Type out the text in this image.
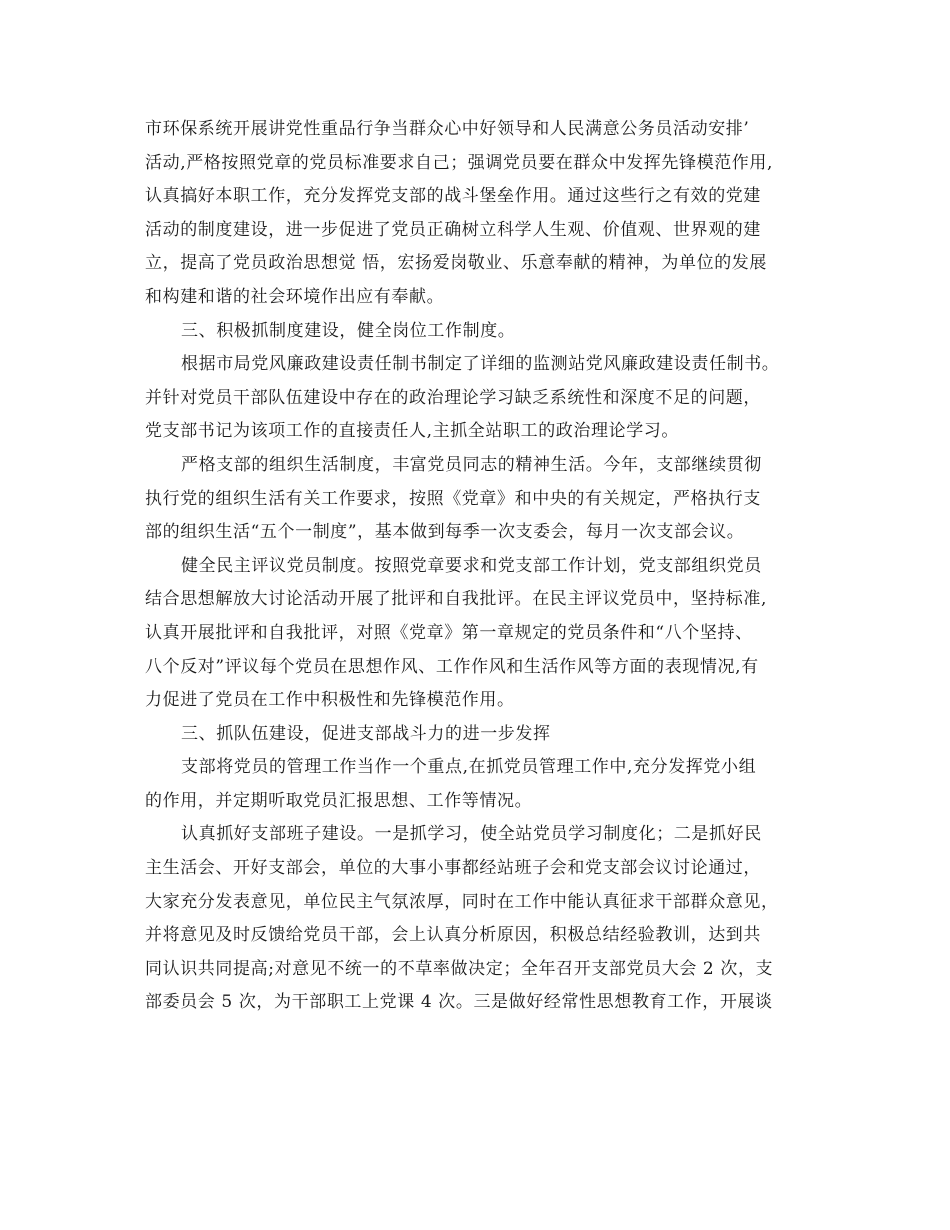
市环保系统开展讲党性重品行争当群众心中好领导和人民满意公务员活动安排’
活动,严格按照党章的党员标准要求自己；强调党员要在群众中发挥先锋模范作用,
认真搞好本职工作，充分发挥党支部的战斗堡垒作用。通过这些行之有效的党建
活动的制度建设，进一步促进了党员正确树立科学人生观、价值观、世界观的建
立，提高了党员政治思想觉 悟，宏扬爱岗敬业、乐意奉献的精神，为单位的发展
和构建和谐的社会环境作出应有奉献。
三、积极抓制度建设，健全岗位工作制度。
根据市局党风廉政建设责任制书制定了详细的监测站党风廉政建设责任制书。
并针对党员干部队伍建设中存在的政治理论学习缺乏系统性和深度不足的问题，
党支部书记为该项工作的直接责任人,主抓全站职工的政治理论学习。
严格支部的组织生活制度，丰富党员同志的精神生活。今年，支部继续贯彻
执行党的组织生活有关工作要求，按照《党章》和中央的有关规定，严格执行支
部的组织生活“五个一制度”，基本做到每季一次支委会，每月一次支部会议。
健全民主评议党员制度。按照党章要求和党支部工作计划，党支部组织党员
结合思想解放大讨论活动开展了批评和自我批评。在民主评议党员中，坚持标准,
认真开展批评和自我批评，对照《党章》第一章规定的党员条件和“八个坚持、
八个反对”评议每个党员在思想作风、工作作风和生活作风等方面的表现情况,有
力促进了党员在工作中积极性和先锋模范作用。
三、抓队伍建设，促进支部战斗力的进一步发挥
支部将党员的管理工作当作一个重点,在抓党员管理工作中,充分发挥党小组
的作用，并定期听取党员汇报思想、工作等情况。
认真抓好支部班子建设。一是抓学习，使全站党员学习制度化；二是抓好民
主生活会、开好支部会，单位的大事小事都经站班子会和党支部会议讨论通过，
大家充分发表意见，单位民主气氛浓厚，同时在工作中能认真征求干部群众意见，
并将意见及时反馈给党员干部，会上认真分析原因，积极总结经验教训，达到共
同认识共同提高;对意见不统一的不草率做决定；全年召开支部党员大会 2 次，支
部委员会 5 次，为干部职工上党课 4 次。三是做好经常性思想教育工作，开展谈
